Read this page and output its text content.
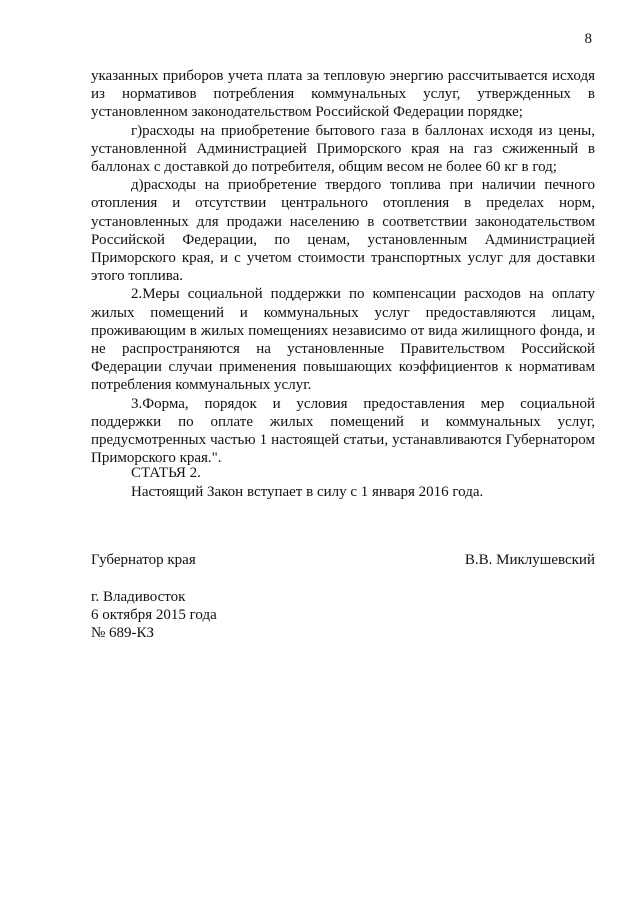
8

указанных приборов учета плата за тепловую энергию рассчитывается исходя из нормативов потребления коммунальных услуг, утвержденных в установленном законодательством Российской Федерации порядке;

г)расходы на приобретение бытового газа в баллонах исходя из цены, установленной Администрацией Приморского края на газ сжиженный в баллонах с доставкой до потребителя, общим весом не более 60 кг в год;

д)расходы на приобретение твердого топлива при наличии печного отопления и отсутствии центрального отопления в пределах норм, установленных для продажи населению в соответствии законодательством Российской Федерации, по ценам, установленным Администрацией Приморского края, и с учетом стоимости транспортных услуг для доставки этого топлива.

2.Меры социальной поддержки по компенсации расходов на оплату жилых помещений и коммунальных услуг предоставляются лицам, проживающим в жилых помещениях независимо от вида жилищного фонда, и не распространяются на установленные Правительством Российской Федерации случаи применения повышающих коэффициентов к нормативам потребления коммунальных услуг.

3.Форма, порядок и условия предоставления мер социальной поддержки по оплате жилых помещений и коммунальных услуг, предусмотренных частью 1 настоящей статьи, устанавливаются Губернатором Приморского края.".

СТАТЬЯ 2.

Настоящий Закон вступает в силу с 1 января 2016 года.

Губернатор края	В.В. Миклушевский
г. Владивосток
6 октября 2015 года
№ 689-КЗ
